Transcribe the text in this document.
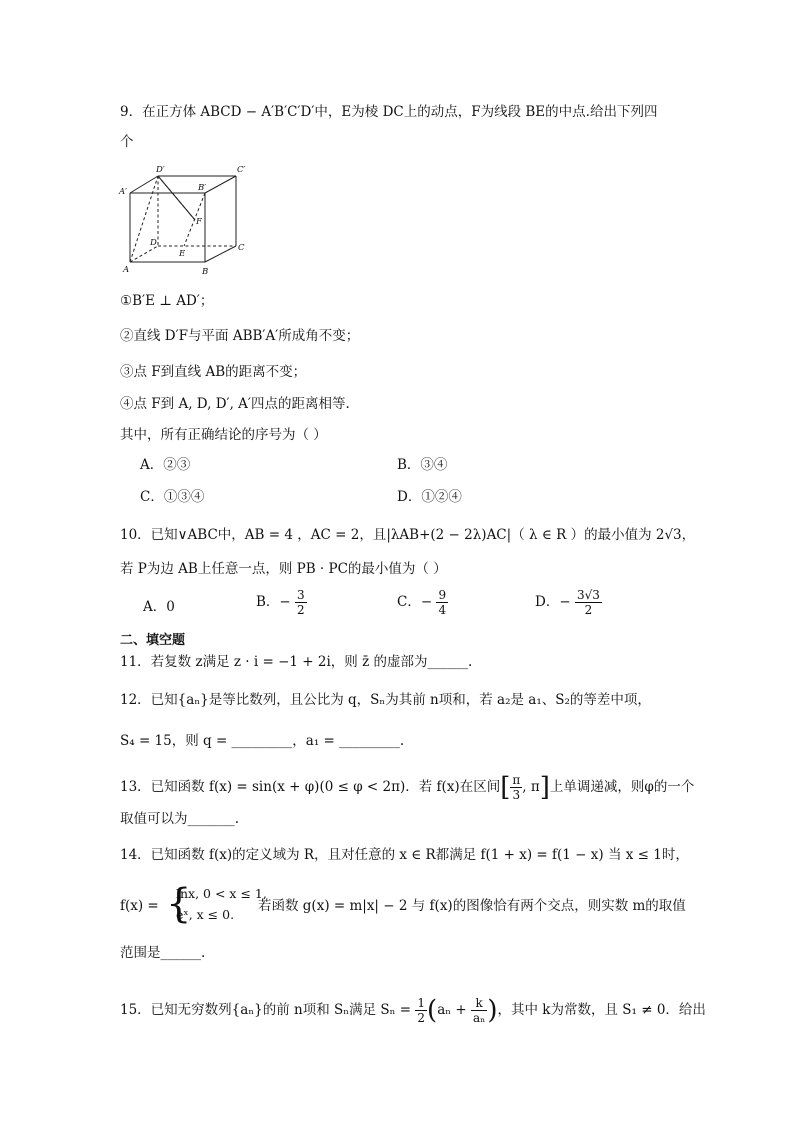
9．在正方体 ABCD − A′B′C′D′中，E为棱 DC上的动点，F为线段 BE的中点.给出下列四
个
D′	C′
A′	B′
F
D	C
E
A	B
①B′E ⊥ AD′；
②直线 D′F与平面 ABB′A′所成角不变；
③点 F到直线 AB的距离不变；
④点 F到 A, D, D′, A′四点的距离相等.
其中，所有正确结论的序号为（ ）
A．②③	B．③④
C．①③④	D．①②④
10．已知∨ABC中，AB = 4 ，AC = 2，且|λAB+(2 − 2λ)AC|（ λ ∈ R ）的最小值为 2√3，
若 P为边 AB上任意一点，则 PB · PC的最小值为（ ）
A．0	B．− $\frac{3}{2}$	C．− $\frac{9}{4}$	D．− $\frac{3√3}{2}$
二、填空题
11．若复数 z满足 z · i = −1 + 2i，则 z̄ 的虚部为______.
12．已知{aₙ}是等比数列，且公比为 q，Sₙ为其前 n项和，若 a₂是 a₁、S₂的等差中项，
S₄ = 15，则 q = _________，a₁ = _________.
13．已知函数 f(x) = sin(x + φ)(0 ≤ φ < 2π)．若 f(x)在区间[ $\frac{\pi}{3}$ , π]上单调递减，则φ的一个
取值可以为_______.
14．已知函数 f(x)的定义域为 R，且对任意的 x ∈ R都满足 f(1 + x) = f(1 − x) 当 x ≤ 1时，
f(x) = {
lnx, 0 < x ≤ 1,
eˣ, x ≤ 0.
若函数 g(x) = m|x| − 2 与 f(x)的图像恰有两个交点，则实数 m的取值
范围是______.
15．已知无穷数列{aₙ}的前 n项和 Sₙ满足 $S_n = \frac{1}{2} (a_n + \frac{k}{\text{aₙ}}$ )，其中 k为常数，且 S₁ ≠ 0．给出
